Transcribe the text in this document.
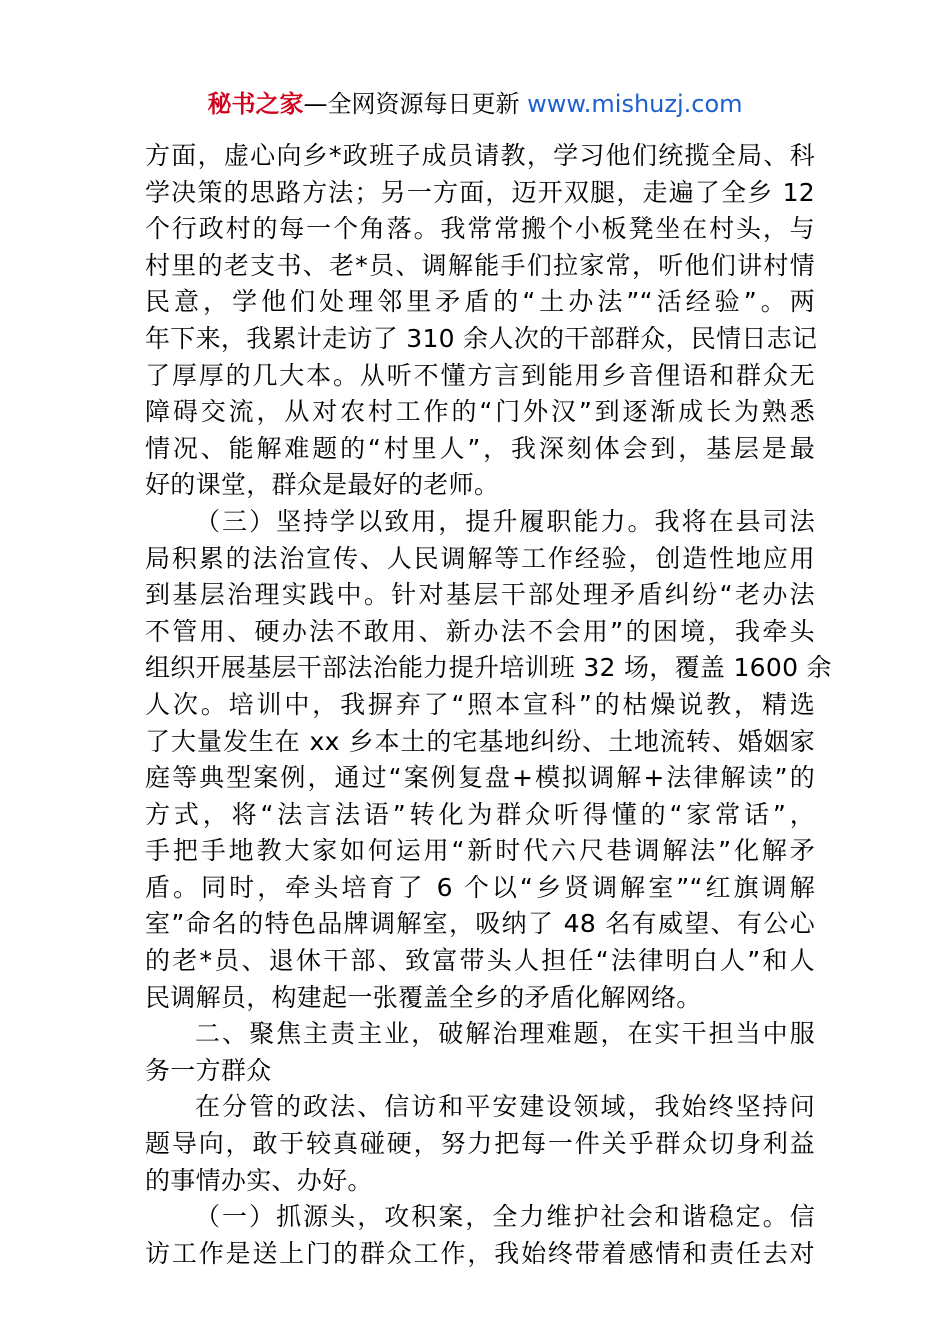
秘书之家—全网资源每日更新 www.mishuzj.com
方面，虚心向乡*政班子成员请教，学习他们统揽全局、科
学决策的思路方法；另一方面，迈开双腿，走遍了全乡 12
个行政村的每一个角落。我常常搬个小板凳坐在村头，与
村里的老支书、老*员、调解能手们拉家常，听他们讲村情
民意，学他们处理邻里矛盾的“土办法”“活经验”。两
年下来，我累计走访了 310 余人次的干部群众，民情日志记
了厚厚的几大本。从听不懂方言到能用乡音俚语和群众无
障碍交流，从对农村工作的“门外汉”到逐渐成长为熟悉
情况、能解难题的“村里人”，我深刻体会到，基层是最
好的课堂，群众是最好的老师。
（三）坚持学以致用，提升履职能力。我将在县司法
局积累的法治宣传、人民调解等工作经验，创造性地应用
到基层治理实践中。针对基层干部处理矛盾纠纷“老办法
不管用、硬办法不敢用、新办法不会用”的困境，我牵头
组织开展基层干部法治能力提升培训班 32 场，覆盖 1600 余
人次。培训中，我摒弃了“照本宣科”的枯燥说教，精选
了大量发生在 xx 乡本土的宅基地纠纷、土地流转、婚姻家
庭等典型案例，通过“案例复盘+模拟调解+法律解读”的
方式，将“法言法语”转化为群众听得懂的“家常话”，
手把手地教大家如何运用“新时代六尺巷调解法”化解矛
盾。同时，牵头培育了 6 个以“乡贤调解室”“红旗调解
室”命名的特色品牌调解室，吸纳了 48 名有威望、有公心
的老*员、退休干部、致富带头人担任“法律明白人”和人
民调解员，构建起一张覆盖全乡的矛盾化解网络。
二、聚焦主责主业，破解治理难题，在实干担当中服
务一方群众
在分管的政法、信访和平安建设领域，我始终坚持问
题导向，敢于较真碰硬，努力把每一件关乎群众切身利益
的事情办实、办好。
（一）抓源头，攻积案，全力维护社会和谐稳定。信
访工作是送上门的群众工作，我始终带着感情和责任去对
